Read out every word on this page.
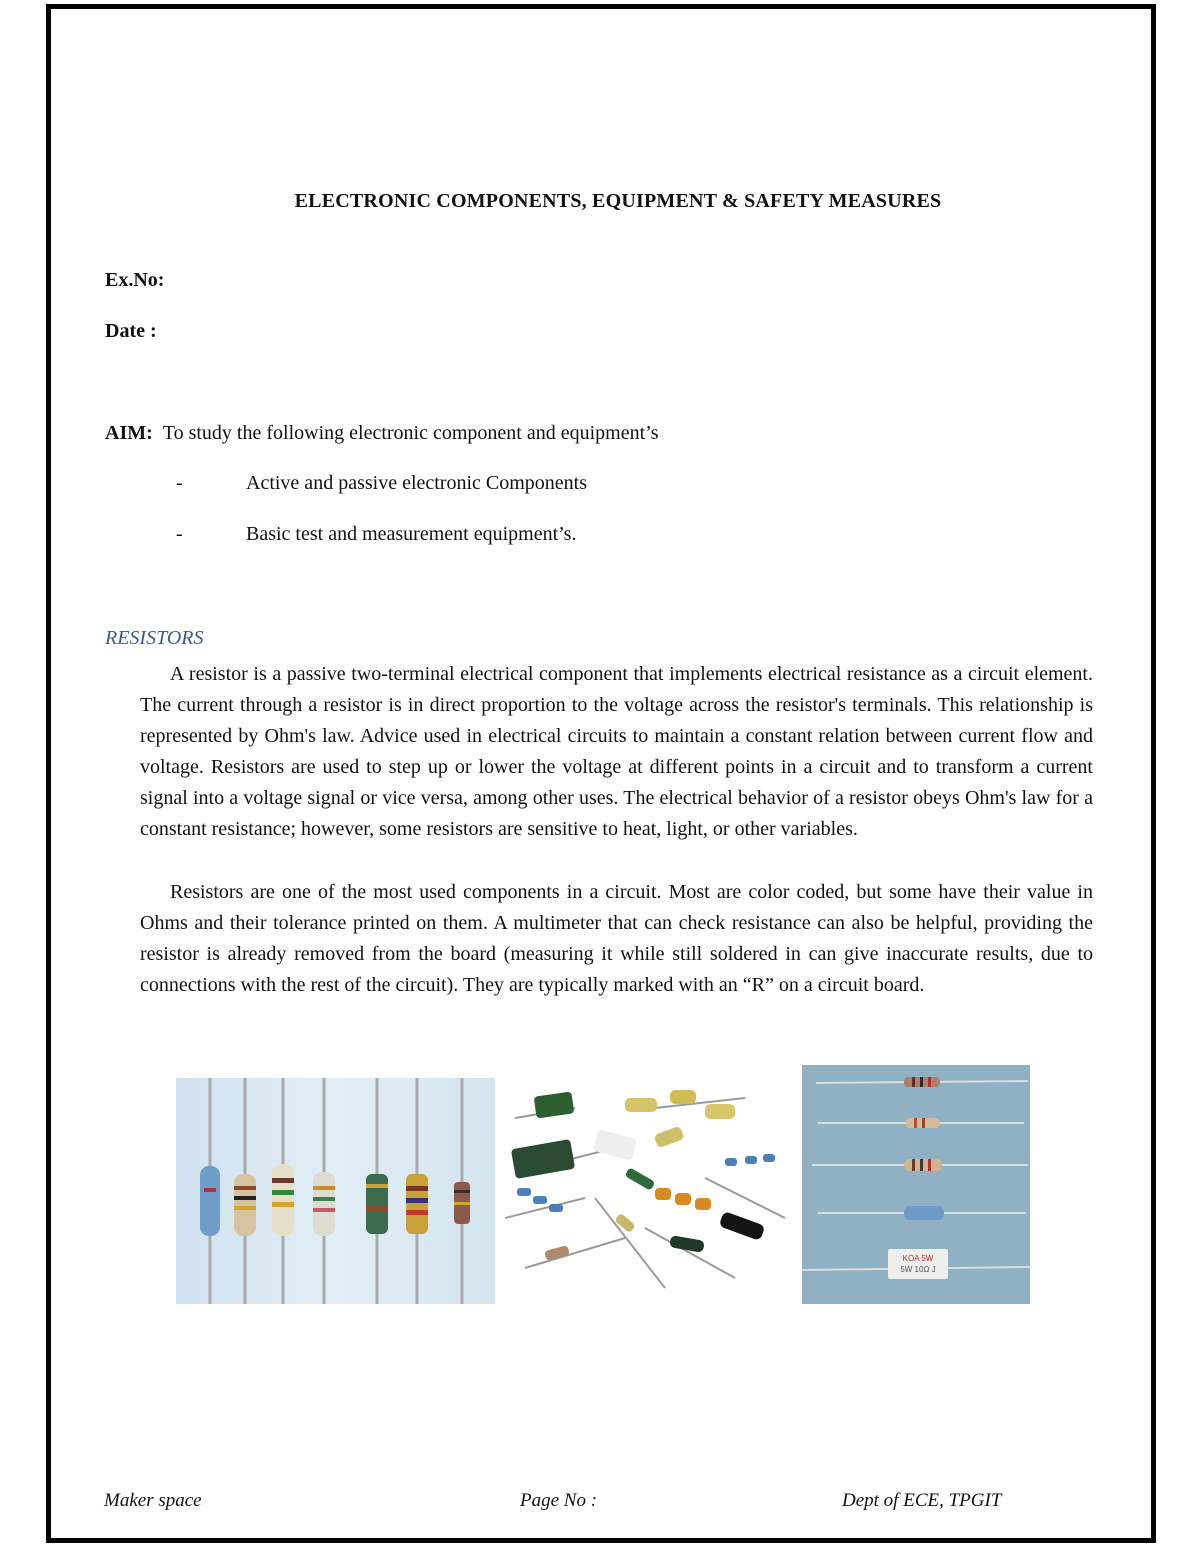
ELECTRONIC COMPONENTS, EQUIPMENT & SAFETY MEASURES
Ex.No:
Date :
AIM: To study the following electronic component and equipment’s
-	Active and passive electronic Components
-	Basic test and measurement equipment’s.
RESISTORS

A resistor is a passive two-terminal electrical component that implements electrical resistance as a circuit element. The current through a resistor is in direct proportion to the voltage across the resistor's terminals. This relationship is represented by Ohm's law. Advice used in electrical circuits to maintain a constant relation between current flow and voltage. Resistors are used to step up or lower the voltage at different points in a circuit and to transform a current signal into a voltage signal or vice versa, among other uses. The electrical behavior of a resistor obeys Ohm's law for a constant resistance; however, some resistors are sensitive to heat, light, or other variables.

Resistors are one of the most used components in a circuit. Most are color coded, but some have their value in Ohms and their tolerance printed on them. A multimeter that can check resistance can also be helpful, providing the resistor is already removed from the board (measuring it while still soldered in can give inaccurate results, due to connections with the rest of the circuit). They are typically marked with an “R” on a circuit board.

KOA 5W
5W 10Ω J
Maker space	Page No :	Dept of ECE, TPGIT
